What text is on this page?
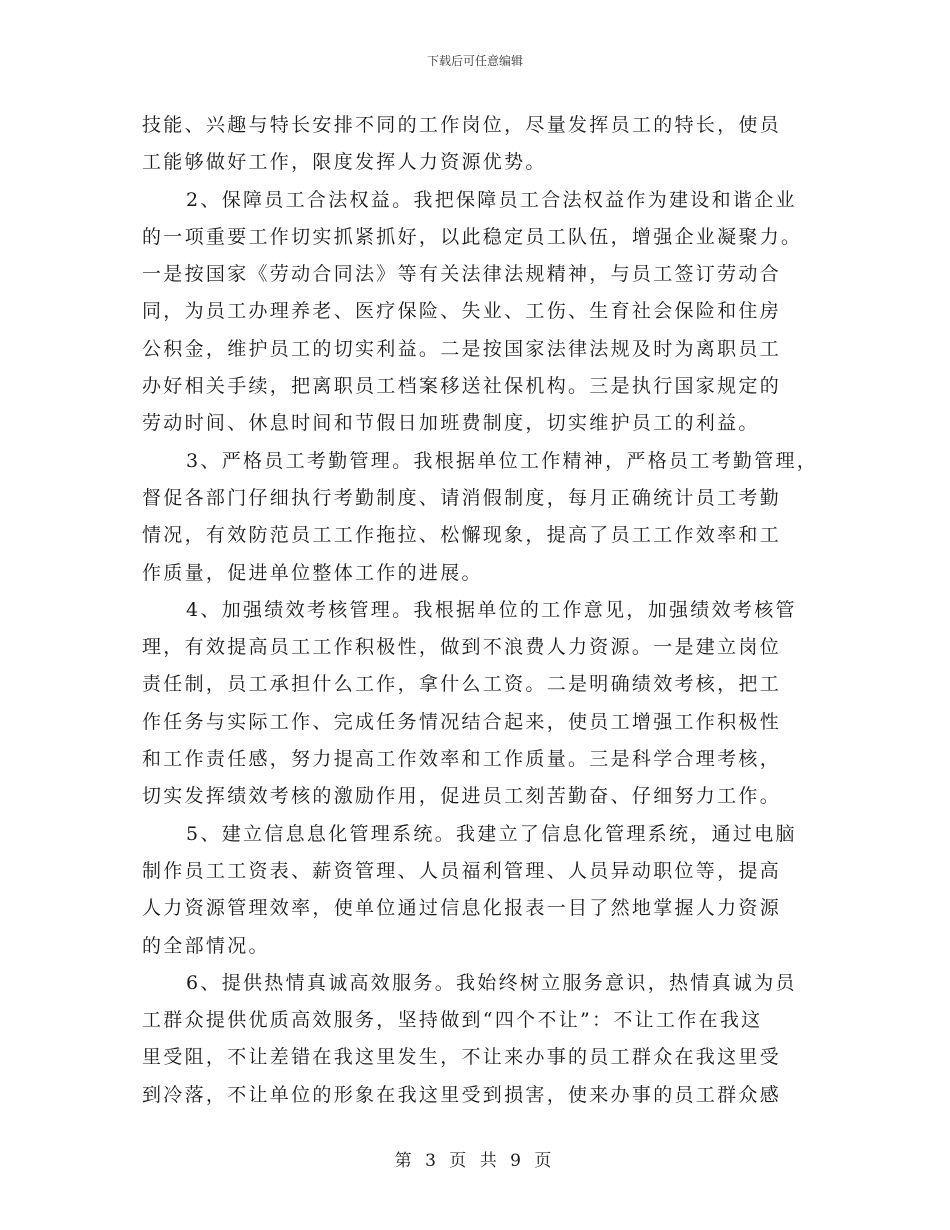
下载后可任意编辑
技能、兴趣与特长安排不同的工作岗位，尽量发挥员工的特长，使员
工能够做好工作，限度发挥人力资源优势。
2、保障员工合法权益。我把保障员工合法权益作为建设和谐企业
的一项重要工作切实抓紧抓好，以此稳定员工队伍，增强企业凝聚力。
一是按国家《劳动合同法》等有关法律法规精神，与员工签订劳动合
同，为员工办理养老、医疗保险、失业、工伤、生育社会保险和住房
公积金，维护员工的切实利益。二是按国家法律法规及时为离职员工
办好相关手续，把离职员工档案移送社保机构。三是执行国家规定的
劳动时间、休息时间和节假日加班费制度，切实维护员工的利益。
3、严格员工考勤管理。我根据单位工作精神，严格员工考勤管理，
督促各部门仔细执行考勤制度、请消假制度，每月正确统计员工考勤
情况，有效防范员工工作拖拉、松懈现象，提高了员工工作效率和工
作质量，促进单位整体工作的进展。
4、加强绩效考核管理。我根据单位的工作意见，加强绩效考核管
理，有效提高员工工作积极性，做到不浪费人力资源。一是建立岗位
责任制，员工承担什么工作，拿什么工资。二是明确绩效考核，把工
作任务与实际工作、完成任务情况结合起来，使员工增强工作积极性
和工作责任感，努力提高工作效率和工作质量。三是科学合理考核，
切实发挥绩效考核的激励作用，促进员工刻苦勤奋、仔细努力工作。
5、建立信息息化管理系统。我建立了信息化管理系统，通过电脑
制作员工工资表、薪资管理、人员福利管理、人员异动职位等，提高
人力资源管理效率，使单位通过信息化报表一目了然地掌握人力资源
的全部情况。
6、提供热情真诚高效服务。我始终树立服务意识，热情真诚为员
工群众提供优质高效服务，坚持做到“四个不让”：不让工作在我这
里受阻，不让差错在我这里发生，不让来办事的员工群众在我这里受
到冷落，不让单位的形象在我这里受到损害，使来办事的员工群众感
第 3 页 共 9 页
